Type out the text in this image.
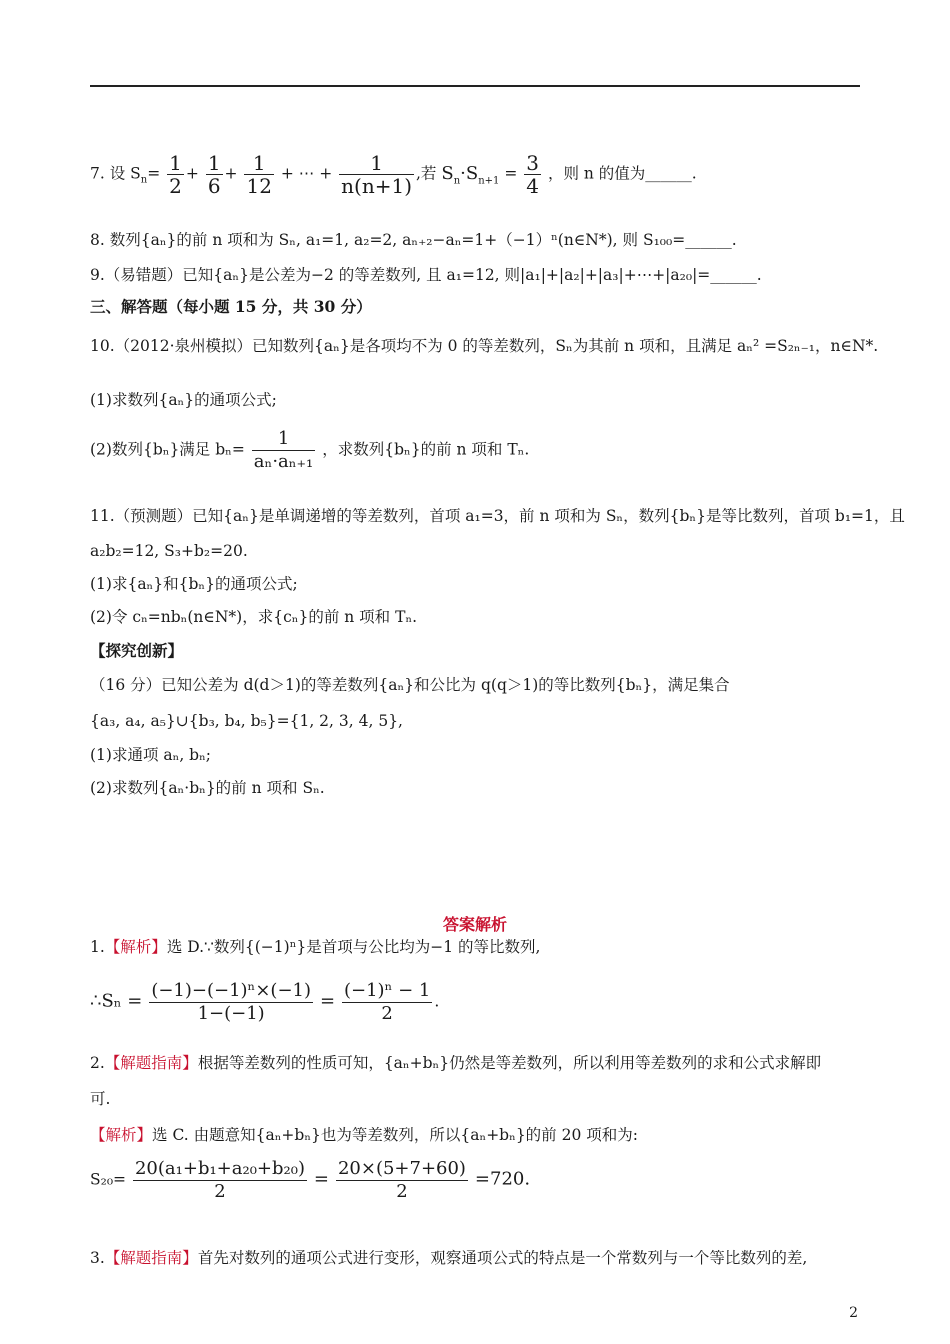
7. 设 $S_n= \frac{1}{2} + \frac{1}{6} + \frac{1}{12}$ + ⋯ + $\frac{1}{n(n+1)}$ ,若 $S_n\cdot S_{n+1} = \frac{3}{4}$ ，则 n 的值为______.
8. 数列{aₙ}的前 n 项和为 Sₙ, a₁=1, a₂=2, aₙ₊₂−aₙ=1+（−1）ⁿ(n∈N*), 则 S₁₀₀=______.
9.（易错题）已知{aₙ}是公差为−2 的等差数列, 且 a₁=12, 则|a₁|+|a₂|+|a₃|+⋯+|a₂₀|=______.
三、解答题（每小题 15 分，共 30 分）
10.（2012·泉州模拟）已知数列{aₙ}是各项均不为 0 的等差数列，Sₙ为其前 n 项和，且满足 aₙ² =S₂ₙ₋₁，n∈N*.
(1)求数列{aₙ}的通项公式;
(2)数列{bₙ}满足 $b_n= \frac{1}{\text{aₙ·aₙ₊₁}}$ ，求数列{bₙ}的前 n 项和 Tₙ.
11.（预测题）已知{aₙ}是单调递增的等差数列，首项 a₁=3，前 n 项和为 Sₙ，数列{bₙ}是等比数列，首项 b₁=1，且
a₂b₂=12, S₃+b₂=20.
(1)求{aₙ}和{bₙ}的通项公式;
(2)令 cₙ=nbₙ(n∈N*)，求{cₙ}的前 n 项和 Tₙ.
【探究创新】
（16 分）已知公差为 d(d＞1)的等差数列{aₙ}和公比为 q(q＞1)的等比数列{bₙ}，满足集合
{a₃, a₄, a₅}∪{b₃, b₄, b₅}={1, 2, 3, 4, 5},
(1)求通项 aₙ, bₙ;
(2)求数列{aₙ·bₙ}的前 n 项和 Sₙ.
答案解析
1.【解析】选 D.∵数列{(−1)ⁿ}是首项与公比均为−1 的等比数列,
∴Sₙ = $\frac{\text{(−1)−(−1)ⁿ×(−1)}}{1-(-1)} = \frac{\text{(−1)ⁿ − 1}}{2}$ .
2.【解题指南】根据等差数列的性质可知，{aₙ+bₙ}仍然是等差数列，所以利用等差数列的求和公式求解即
可.
【解析】选 C. 由题意知{aₙ+bₙ}也为等差数列，所以{aₙ+bₙ}的前 20 项和为:
$S_{20}= \frac{\text{20(a₁+b₁+a₂₀+b₂₀)}}{2} = \frac{20\times(5+7+60)}{2} =720$.
3.【解题指南】首先对数列的通项公式进行变形，观察通项公式的特点是一个常数列与一个等比数列的差,
2
